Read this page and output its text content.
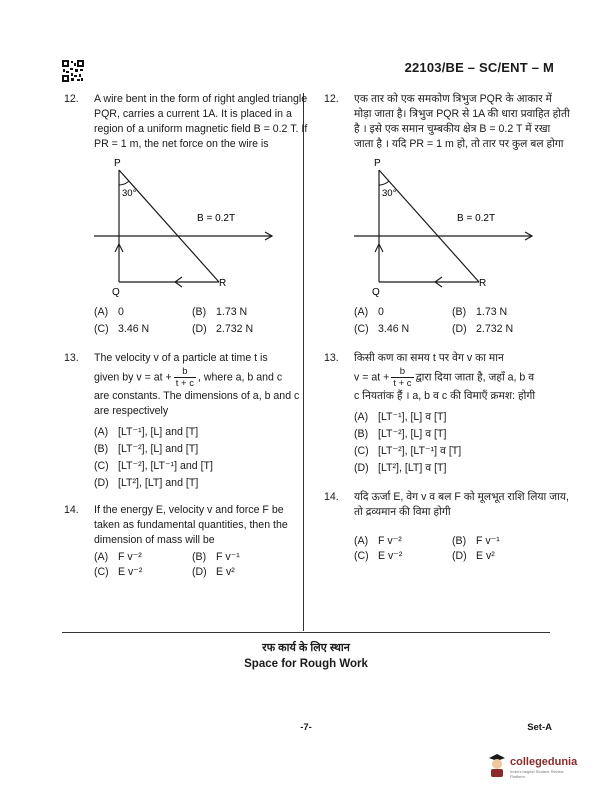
22103/BE – SC/ENT – M
12. A wire bent in the form of right angled triangle PQR, carries a current 1A. It is placed in a region of a uniform magnetic field B = 0.2 T. If PR = 1 m, the net force on the wire is
P
30°
B = 0.2T
Q
R
(A) 0	(B) 1.73 N
(C) 3.46 N	(D) 2.732 N
13. The velocity v of a particle at time t is
given by v = at + $\frac{b}{t + c}$ , where a, b and c
are constants. The dimensions of a, b and c are respectively
(A) [LT⁻¹], [L] and [T]
(B) [LT⁻²], [L] and [T]
(C) [LT⁻²], [LT⁻¹] and [T]
(D) [LT²], [LT] and [T]
14. If the energy E, velocity v and force F be taken as fundamental quantities, then the dimension of mass will be
(A) F v⁻²	(B) F v⁻¹
(C) E v⁻²	(D) E v²
12. एक तार को एक समकोण त्रिभुज PQR के आकार में मोड़ा जाता है। त्रिभुज PQR से 1A की धारा प्रवाहित होती है । इसे एक समान चुम्बकीय क्षेत्र B = 0.2 T में रखा जाता है । यदि PR = 1 m हो, तो तार पर कुल बल होगा
P
30°
B = 0.2T
Q
R
(A) 0	(B) 1.73 N
(C) 3.46 N	(D) 2.732 N
13. किसी कण का समय t पर वेग v का मान
v = at + $\frac{b}{t + c}$ द्वारा दिया जाता है, जहाँ a, b व
c नियतांक हैं । a, b व c की विमाएँ क्रमश: होगी
(A) [LT⁻¹], [L] व [T]
(B) [LT⁻²], [L] व [T]
(C) [LT⁻²], [LT⁻¹] व [T]
(D) [LT²], [LT] व [T]
14. यदि ऊर्जा E, वेग v व बल F को मूलभूत राशि लिया जाय, तो द्रव्यमान की विमा होगी
(A) F v⁻²	(B) F v⁻¹
(C) E v⁻²	(D) E v²
रफ कार्य के लिए स्थान
Space for Rough Work
-7-	Set-A
collegedunia
India's largest Student Review Platform
